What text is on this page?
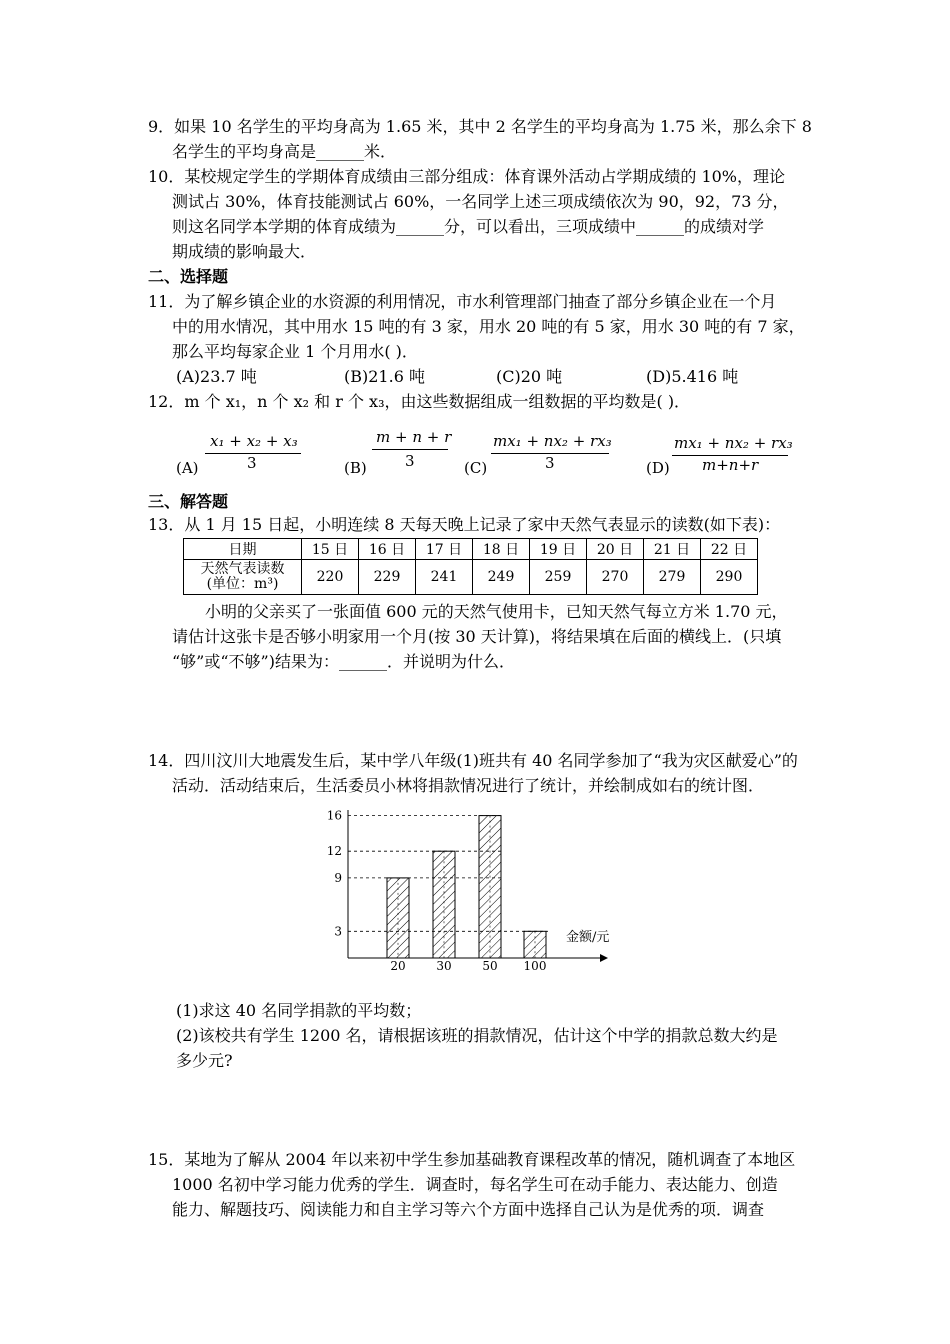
9．如果 10 名学生的平均身高为 1.65 米，其中 2 名学生的平均身高为 1.75 米，那么余下 8
名学生的平均身高是______米．
10．某校规定学生的学期体育成绩由三部分组成：体育课外活动占学期成绩的 10%，理论
测试占 30%，体育技能测试占 60%，一名同学上述三项成绩依次为 90，92，73 分，
则这名同学本学期的体育成绩为______分，可以看出，三项成绩中______的成绩对学
期成绩的影响最大．
二、选择题
11．为了解乡镇企业的水资源的利用情况，市水利管理部门抽查了部分乡镇企业在一个月
中的用水情况，其中用水 15 吨的有 3 家，用水 20 吨的有 5 家，用水 30 吨的有 7 家，
那么平均每家企业 1 个月用水( )．
(A)23.7 吨	(B)21.6 吨	(C)20 吨	(D)5.416 吨
12．m 个 x₁，n 个 x₂ 和 r 个 x₃，由这些数据组成一组数据的平均数是( )．
(A)
x₁ + x₂ + x₃
3	(B)
m + n + r
3	(C)
mx₁ + nx₂ + rx₃
3	(D)
mx₁ + nx₂ + rx₃
m+n+r
三、解答题
13．从 1 月 15 日起，小明连续 8 天每天晚上记录了家中天然气表显示的读数(如下表)：
日期	15 日	16 日	17 日	18 日	19 日	20 日	21 日	22 日

天然气表读数
(单位：m³)	220	229	241	249	259	270	279	290
小明的父亲买了一张面值 600 元的天然气使用卡，已知天然气每立方米 1.70 元，
请估计这张卡是否够小明家用一个月(按 30 天计算)，将结果填在后面的横线上．(只填
“够”或“不够”)结果为：______．并说明为什么．
14．四川汶川大地震发生后，某中学八年级(1)班共有 40 名同学参加了“我为灾区献爱心”的
活动．活动结束后，生活委员小林将捐款情况进行了统计，并绘制成如右的统计图．
3
9
12
16
20	30	50 100
金额/元
(1)求这 40 名同学捐款的平均数；
(2)该校共有学生 1200 名，请根据该班的捐款情况，估计这个中学的捐款总数大约是
多少元?
15．某地为了解从 2004 年以来初中学生参加基础教育课程改革的情况，随机调查了本地区
1000 名初中学习能力优秀的学生．调查时，每名学生可在动手能力、表达能力、创造
能力、解题技巧、阅读能力和自主学习等六个方面中选择自己认为是优秀的项．调查
